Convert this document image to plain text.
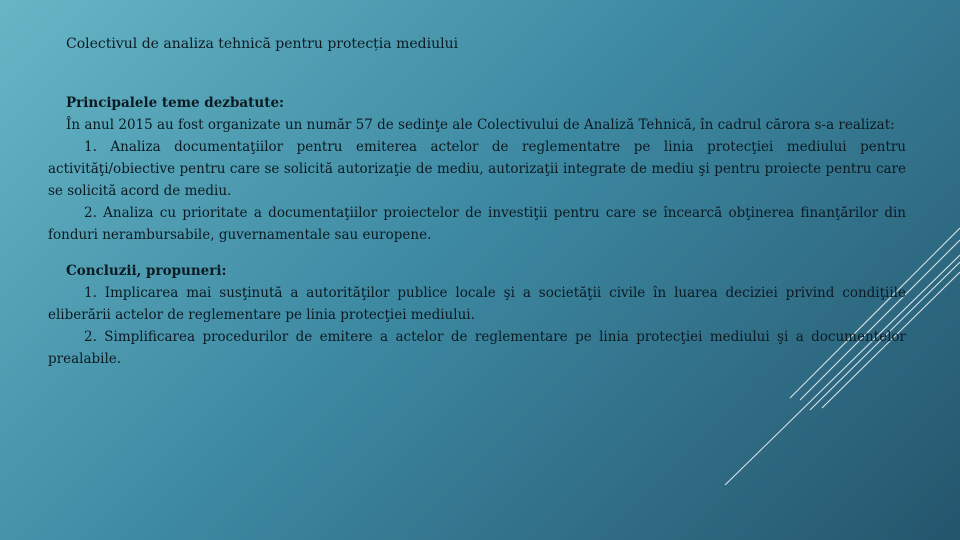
Colectivul de analiza tehnică pentru protecția mediului

Principalele teme dezbatute:

În anul 2015 au fost organizate un număr 57 de sedinţe ale Colectivului de Analiză Tehnică, în cadrul cărora s-a realizat:

1. Analiza documentaţiilor pentru emiterea actelor de reglementatre pe linia protecţiei mediului pentru activităţi/obiective pentru care se solicită autorizaţie de mediu, autorizaţii integrate de mediu şi pentru proiecte pentru care se solicită acord de mediu.

2. Analiza cu prioritate a documentaţiilor proiectelor de investiţii pentru care se încearcă obţinerea finanţărilor din fonduri nerambursabile, guvernamentale sau europene.

Concluzii, propuneri:

1. Implicarea mai susţinută a autorităţilor publice locale şi a societăţii civile în luarea deciziei privind condiţiile eliberării actelor de reglementare pe linia protecţiei mediului.

2. Simplificarea procedurilor de emitere a actelor de reglementare pe linia protecţiei mediului şi a documentelor prealabile.
